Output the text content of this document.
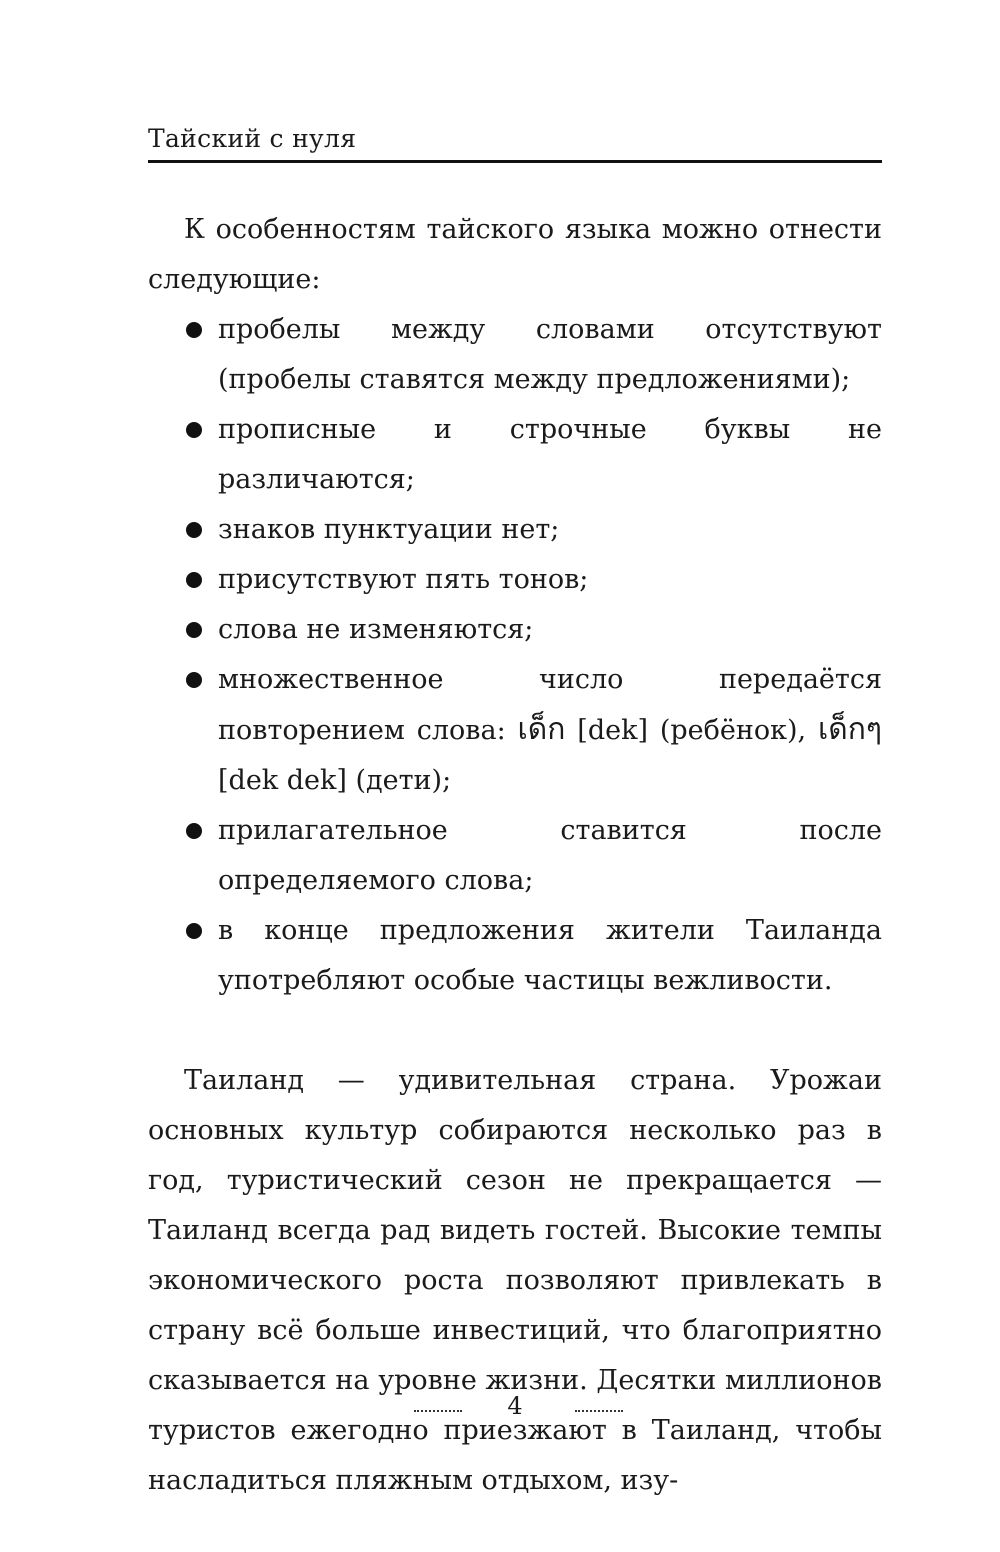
Тайский с нуля

К особенностям тайского языка можно отнести следующие:

пробелы между словами отсутствуют (пробелы ставятся между предложениями);
прописные и строчные буквы не различаются;
знаков пунктуации нет;
присутствуют пять тонов;
слова не изменяются;
множественное число передаётся повторением слова: เด็ก [dek] (ребёнок), เด็กๆ [dek dek] (дети);
прилагательное ставится после определяемого слова;
в конце предложения жители Таиланда употребляют особые частицы вежливости.

Таиланд — удивительная страна. Урожаи основных культур собираются несколько раз в год, туристический сезон не прекращается — Таиланд всегда рад видеть гостей. Высокие темпы экономического роста позволяют привлекать в страну всё больше инвестиций, что благоприятно сказывается на уровне жизни. Десятки миллионов туристов ежегодно приезжают в Таиланд, чтобы насладиться пляжным отдыхом, изу-

4
